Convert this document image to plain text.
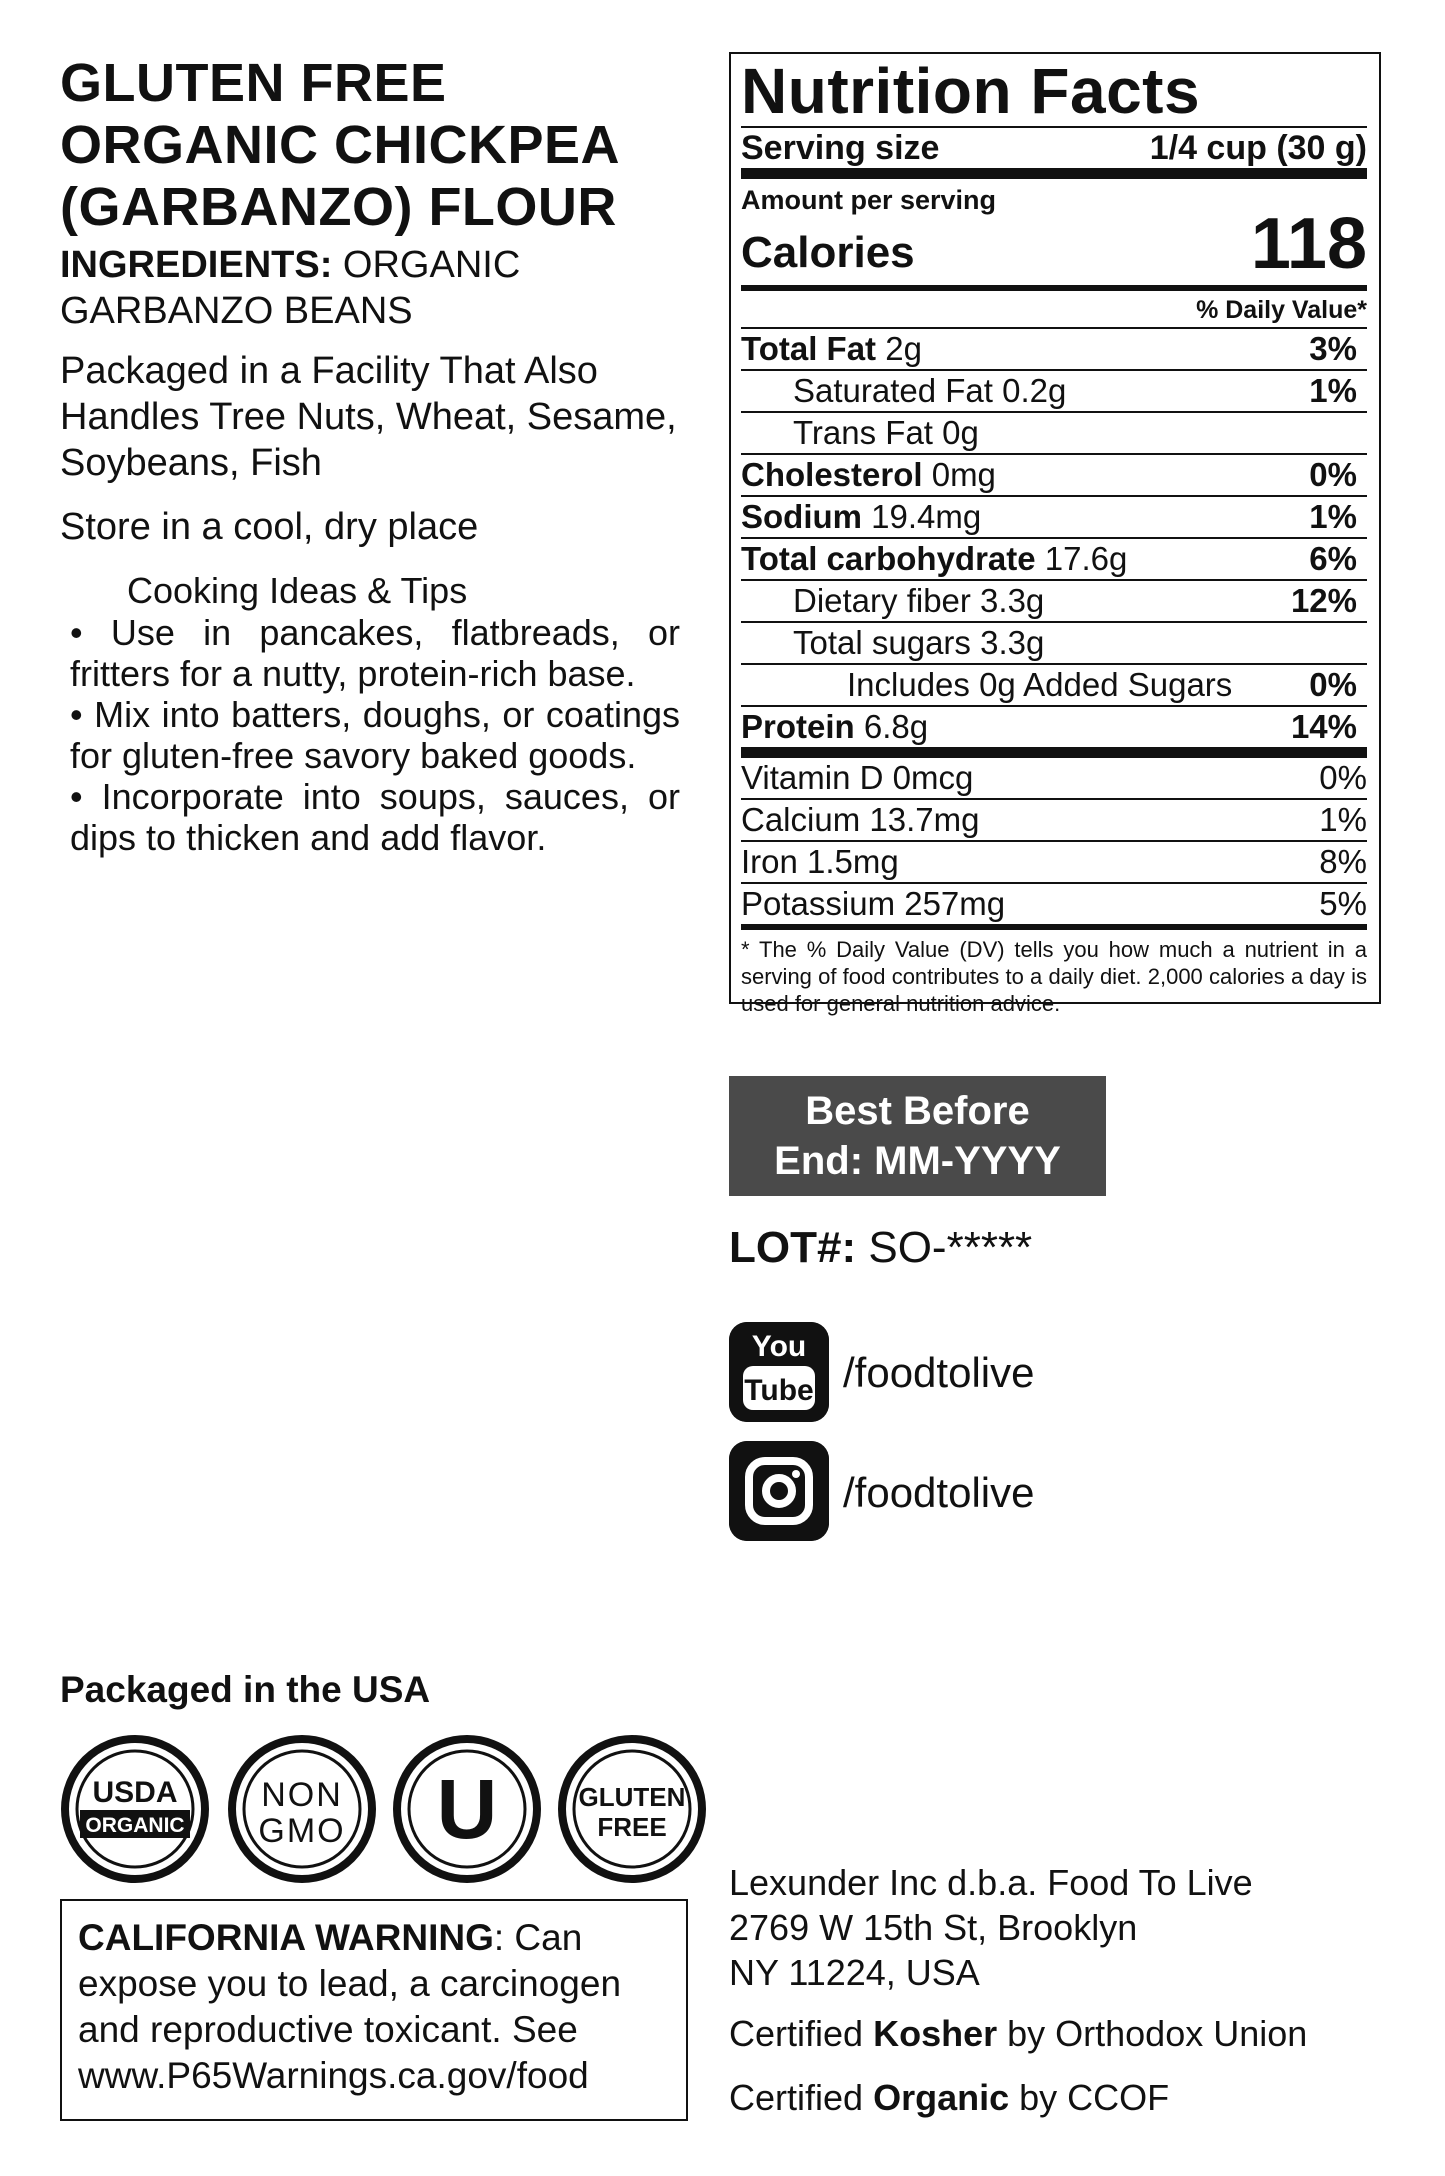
GLUTEN FREE ORGANIC CHICKPEA (GARBANZO) FLOUR
INGREDIENTS: ORGANIC GARBANZO BEANS
Packaged in a Facility That Also Handles Tree Nuts, Wheat, Sesame, Soybeans, Fish
Store in a cool, dry place
Cooking Ideas & Tips

• Use in pancakes, flatbreads, or fritters for a nutty, protein-rich base.

• Mix into batters, doughs, or coatings for gluten-free savory baked goods.

• Incorporate into soups, sauces, or dips to thicken and add flavor.

Nutrition Facts
Serving size	1/4 cup (30 g)
Amount per serving
Calories	118
% Daily Value*
Total Fat 2g	3%
Saturated Fat 0.2g	1%
Trans Fat 0g
Cholesterol 0mg	0%
Sodium 19.4mg	1%
Total carbohydrate 17.6g	6%
Dietary fiber 3.3g	12%
Total sugars 3.3g
Includes 0g Added Sugars 0%
Protein 6.8g	14%
Vitamin D 0mcg	0%
Calcium 13.7mg	1%
Iron 1.5mg	8%
Potassium 257mg	5%
* The % Daily Value (DV) tells you how much a nutrient in a serving of food contributes to a daily diet. 2,000 calories a day is used for general nutrition advice.
Best Before
End: MM-YYYY
LOT#: SO-*****
You
Tube /foodtolive
/foodtolive
Packaged in the USA
USDA
ORGANIC
NON
GMO U	GLUTEN
FREE
CALIFORNIA WARNING: Can expose you to lead, a carcinogen and reproductive toxicant. See www.P65Warnings.ca.gov/food
Lexunder Inc d.b.a. Food To Live
2769 W 15th St, Brooklyn
NY 11224, USA
Certified Kosher by Orthodox Union
Certified Organic by CCOF
